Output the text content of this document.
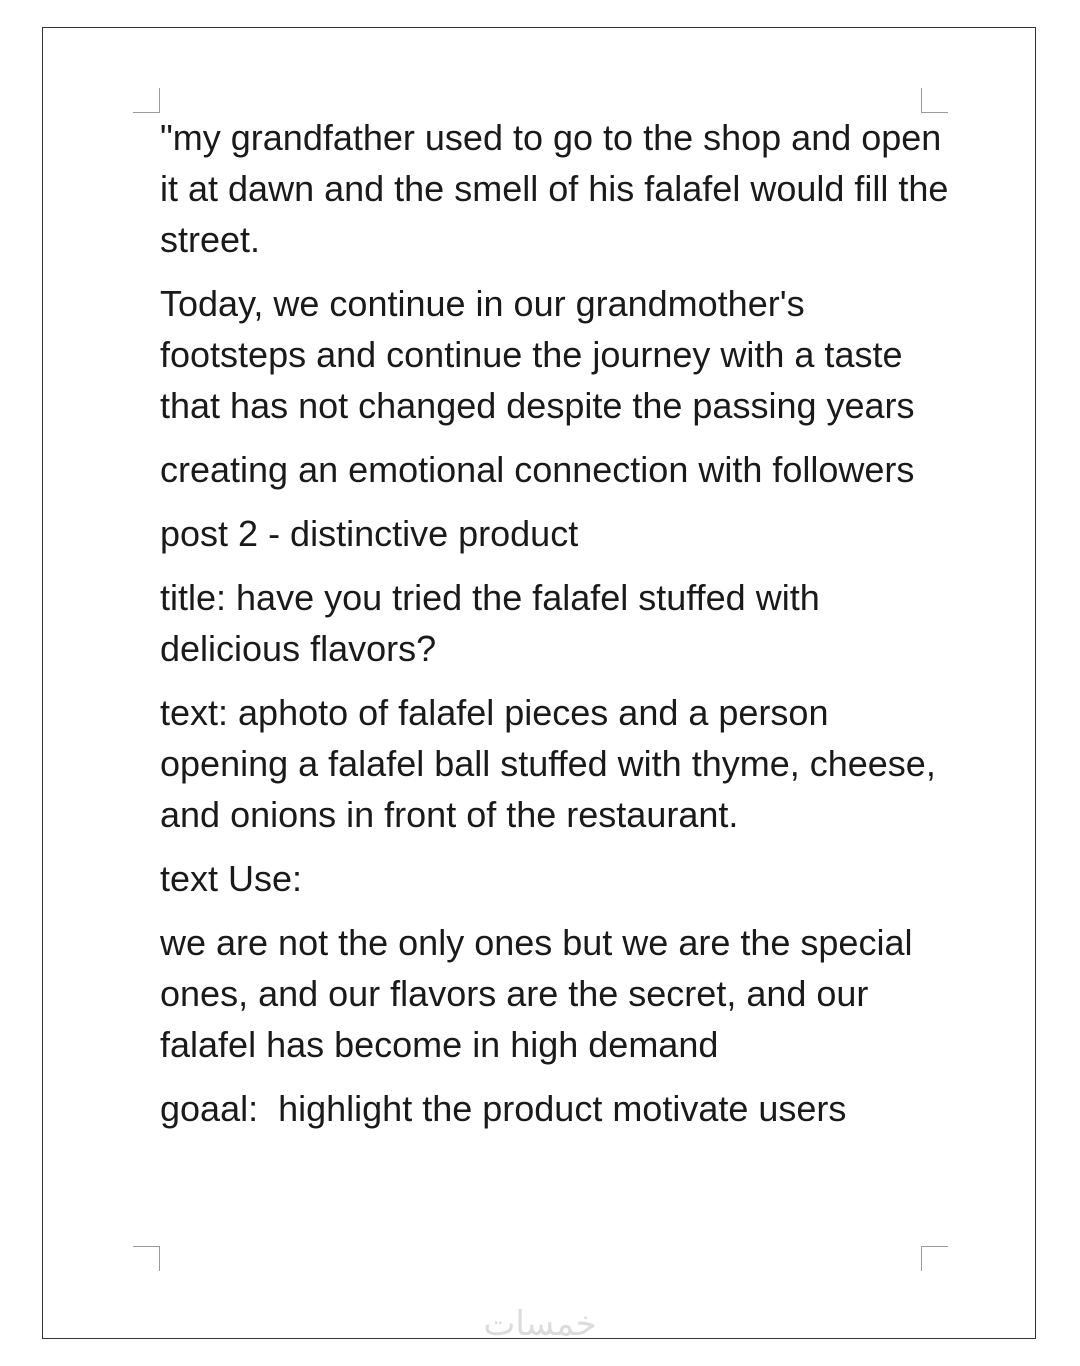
"my grandfather used to go to the shop and open it at dawn and the smell of his falafel would fill the street.

Today, we continue in our grandmother's footsteps and continue the journey with a taste that has not changed despite the passing years

creating an emotional connection with followers

post 2 - distinctive product

title: have you tried the falafel stuffed with delicious flavors?

text: aphoto of falafel pieces and a person opening a falafel ball stuffed with thyme, cheese, and onions in front of the restaurant.

text Use:

we are not the only ones but we are the special ones, and our flavors are the secret, and our falafel has become in high demand

goaal:  highlight the product motivate users

خمسات
